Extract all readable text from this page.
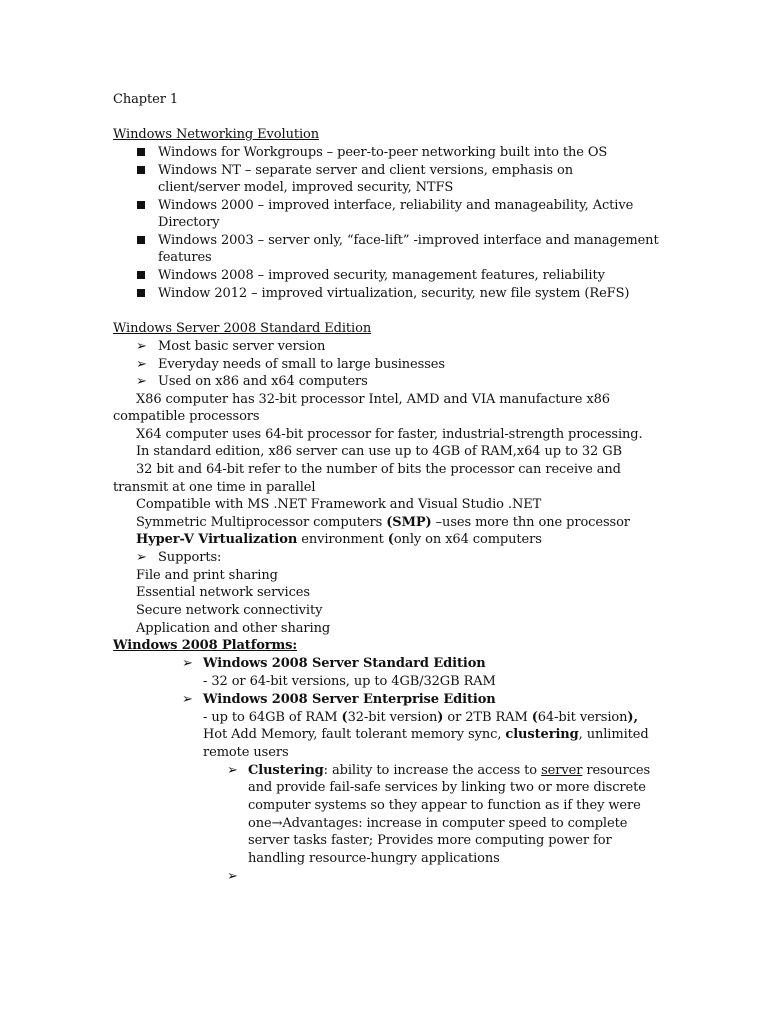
Chapter 1
Windows Networking Evolution
Windows for Workgroups – peer-to-peer networking built into the OS
Windows NT – separate server and client versions, emphasis on
client/server model, improved security, NTFS
Windows 2000 – improved interface, reliability and manageability, Active
Directory
Windows 2003 – server only, “face-lift” -improved interface and management
features
Windows 2008 – improved security, management features, reliability
Window 2012 – improved virtualization, security, new file system (ReFS)
Windows Server 2008 Standard Edition
➢ Most basic server version
➢ Everyday needs of small to large businesses
➢ Used on x86 and x64 computers
X86 computer has 32-bit processor Intel, AMD and VIA manufacture x86
compatible processors
X64 computer uses 64-bit processor for faster, industrial-strength processing.
In standard edition, x86 server can use up to 4GB of RAM,x64 up to 32 GB
32 bit and 64-bit refer to the number of bits the processor can receive and
transmit at one time in parallel
Compatible with MS .NET Framework and Visual Studio .NET
Symmetric Multiprocessor computers (SMP) –uses more thn one processor
Hyper-V Virtualization environment (only on x64 computers
➢ Supports:
File and print sharing
Essential network services
Secure network connectivity
Application and other sharing
Windows 2008 Platforms:
➢ Windows 2008 Server Standard Edition
- 32 or 64-bit versions, up to 4GB/32GB RAM
➢ Windows 2008 Server Enterprise Edition
- up to 64GB of RAM (32-bit version) or 2TB RAM (64-bit version),
Hot Add Memory, fault tolerant memory sync, clustering, unlimited
remote users
➢ Clustering: ability to increase the access to server resources
and provide fail-safe services by linking two or more discrete
computer systems so they appear to function as if they were
one→Advantages: increase in computer speed to complete
server tasks faster; Provides more computing power for
handling resource-hungry applications
➢
